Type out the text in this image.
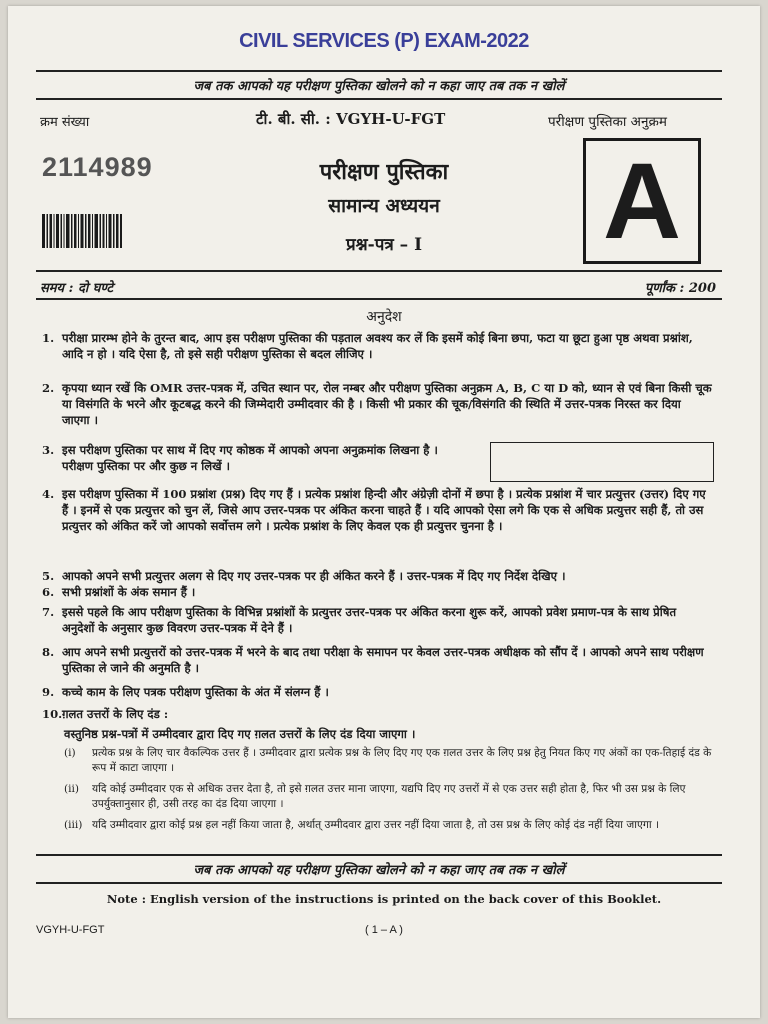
CIVIL SERVICES (P) EXAM-2022
जब तक आपको यह परीक्षण पुस्तिका खोलने को न कहा जाए तब तक न खोलें
क्रम संख्या	टी. बी. सी. : VGYH-U-FGT	परीक्षण पुस्तिका अनुक्रम
2114989	परीक्षण पुस्तिका
सामान्य अध्ययन
प्रश्न-पत्र – I	A
समय : दो घण्टे	पूर्णांक : 200
अनुदेश
1. परीक्षा प्रारम्भ होने के तुरन्त बाद, आप इस परीक्षण पुस्तिका की पड़ताल अवश्य कर लें कि इसमें कोई बिना छपा, फटा या छूटा हुआ पृष्ठ अथवा प्रश्नांश, आदि न हो । यदि ऐसा है, तो इसे सही परीक्षण पुस्तिका से बदल लीजिए ।
2. कृपया ध्यान रखें कि OMR उत्तर-पत्रक में, उचित स्थान पर, रोल नम्बर और परीक्षण पुस्तिका अनुक्रम A, B, C या D को, ध्यान से एवं बिना किसी चूक या विसंगति के भरने और कूटबद्ध करने की जिम्मेदारी उम्मीदवार की है । किसी भी प्रकार की चूक/विसंगति की स्थिति में उत्तर-पत्रक निरस्त कर दिया जाएगा ।
3. इस परीक्षण पुस्तिका पर साथ में दिए गए कोष्ठक में आपको अपना अनुक्रमांक लिखना है । परीक्षण पुस्तिका पर और कुछ न लिखें ।
4. इस परीक्षण पुस्तिका में 100 प्रश्नांश (प्रश्न) दिए गए हैं । प्रत्येक प्रश्नांश हिन्दी और अंग्रेज़ी दोनों में छपा है । प्रत्येक प्रश्नांश में चार प्रत्युत्तर (उत्तर) दिए गए हैं । इनमें से एक प्रत्युत्तर को चुन लें, जिसे आप उत्तर-पत्रक पर अंकित करना चाहते हैं । यदि आपको ऐसा लगे कि एक से अधिक प्रत्युत्तर सही हैं, तो उस प्रत्युत्तर को अंकित करें जो आपको सर्वोत्तम लगे । प्रत्येक प्रश्नांश के लिए केवल एक ही प्रत्युत्तर चुनना है ।
5. आपको अपने सभी प्रत्युत्तर अलग से दिए गए उत्तर-पत्रक पर ही अंकित करने हैं । उत्तर-पत्रक में दिए गए निर्देश देखिए ।
6. सभी प्रश्नांशों के अंक समान हैं ।
7. इससे पहले कि आप परीक्षण पुस्तिका के विभिन्न प्रश्नांशों के प्रत्युत्तर उत्तर-पत्रक पर अंकित करना शुरू करें, आपको प्रवेश प्रमाण-पत्र के साथ प्रेषित अनुदेशों के अनुसार कुछ विवरण उत्तर-पत्रक में देने हैं ।
8. आप अपने सभी प्रत्युत्तरों को उत्तर-पत्रक में भरने के बाद तथा परीक्षा के समापन पर केवल उत्तर-पत्रक अधीक्षक को सौंप दें । आपको अपने साथ परीक्षण पुस्तिका ले जाने की अनुमति है ।
9. कच्चे काम के लिए पत्रक परीक्षण पुस्तिका के अंत में संलग्न हैं ।
10. ग़लत उत्तरों के लिए दंड :
वस्तुनिष्ठ प्रश्न-पत्रों में उम्मीदवार द्वारा दिए गए ग़लत उत्तरों के लिए दंड दिया जाएगा ।
(i) प्रत्येक प्रश्न के लिए चार वैकल्पिक उत्तर हैं । उम्मीदवार द्वारा प्रत्येक प्रश्न के लिए दिए गए एक ग़लत उत्तर के लिए प्रश्न हेतु नियत किए गए अंकों का एक-तिहाई दंड के रूप में काटा जाएगा ।
(ii) यदि कोई उम्मीदवार एक से अधिक उत्तर देता है, तो इसे ग़लत उत्तर माना जाएगा, यद्यपि दिए गए उत्तरों में से एक उत्तर सही होता है, फिर भी उस प्रश्न के लिए उपर्युक्तानुसार ही, उसी तरह का दंड दिया जाएगा ।
(iii) यदि उम्मीदवार द्वारा कोई प्रश्न हल नहीं किया जाता है, अर्थात् उम्मीदवार द्वारा उत्तर नहीं दिया जाता है, तो उस प्रश्न के लिए कोई दंड नहीं दिया जाएगा ।
जब तक आपको यह परीक्षण पुस्तिका खोलने को न कहा जाए तब तक न खोलें
Note : English version of the instructions is printed on the back cover of this Booklet.
VGYH-U-FGT	( 1 – A )
